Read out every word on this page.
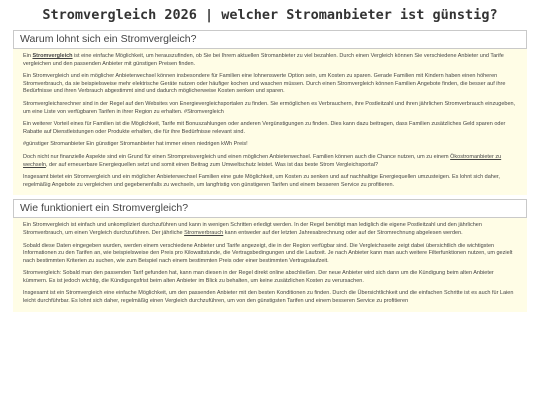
Stromvergleich 2026 | welcher Stromanbieter ist günstig?
Warum lohnt sich ein Stromvergleich?

Ein Stromvergleich ist eine einfache Möglichkeit, um herauszufinden, ob Sie bei Ihrem aktuellen Stromanbieter zu viel bezahlen. Durch einen Vergleich können Sie verschiedene Anbieter und Tarife vergleichen und den passenden Anbieter mit günstigen Preisen finden.

Ein Stromvergleich und ein möglicher Anbieterwechsel können insbesondere für Familien eine lohnenswerte Option sein, um Kosten zu sparen. Gerade Familien mit Kindern haben einen höheren Stromverbrauch, da sie beispielsweise mehr elektrische Geräte nutzen oder häufiger kochen und waschen müssen. Durch einen Stromvergleich können Familien Angebote finden, die besser auf ihre Bedürfnisse und ihren Verbrauch abgestimmt sind und dadurch möglicherweise Kosten senken und sparen.

Stromvergleichsrechner sind in der Regel auf den Websites von Energievergleichsportalen zu finden. Sie ermöglichen es Verbrauchern, ihre Postleitzahl und ihren jährlichen Stromverbrauch einzugeben, um eine Liste von verfügbaren Tarifen in ihrer Region zu erhalten. #Stromvergleich

Ein weiterer Vorteil eines für Familien ist die Möglichkeit, Tarife mit Bonuszahlungen oder anderen Vergünstigungen zu finden. Dies kann dazu beitragen, dass Familien zusätzliches Geld sparen oder Rabatte auf Dienstleistungen oder Produkte erhalten, die für ihre Bedürfnisse relevant sind.

#günstiger Stromanbieter Ein günstiger Stromanbieter hat immer einen niedrigen kWh Preis!

Doch nicht nur finanzielle Aspekte sind ein Grund für einen Strompreisvergleich und einen möglichen Anbieterwechsel. Familien können auch die Chance nutzen, um zu einem Ökostromanbieter zu wechseln, der auf erneuerbare Energiequellen setzt und somit einen Beitrag zum Umweltschutz leistet. Was ist das beste Strom Vergleichsportal?

Insgesamt bietet ein Stromvergleich und ein möglicher Anbieterwechsel Familien eine gute Möglichkeit, um Kosten zu senken und auf nachhaltige Energiequellen umzusteigen. Es lohnt sich daher, regelmäßig Angebote zu vergleichen und gegebenenfalls zu wechseln, um langfristig von günstigeren Tarifen und einem besseren Service zu profitieren.

Wie funktioniert ein Stromvergleich?

Ein Stromvergleich ist einfach und unkompliziert durchzuführen und kann in wenigen Schritten erledigt werden. In der Regel benötigt man lediglich die eigene Postleitzahl und den jährlichen Stromverbrauch, um einen Vergleich durchzuführen. Der jährliche Stromverbrauch kann entweder auf der letzten Jahresabrechnung oder auf der Stromrechnung abgelesen werden.

Sobald diese Daten eingegeben wurden, werden einem verschiedene Anbieter und Tarife angezeigt, die in der Region verfügbar sind. Die Vergleichsseite zeigt dabei übersichtlich die wichtigsten Informationen zu den Tarifen an, wie beispielsweise den Preis pro Kilowattstunde, die Vertragsbedingungen und die Laufzeit. Je nach Anbieter kann man auch weitere Filterfunktionen nutzen, um gezielt nach bestimmten Kriterien zu suchen, wie zum Beispiel nach einem bestimmten Preis oder einer bestimmten Vertragslaufzeit.

Stromvergleich: Sobald man den passenden Tarif gefunden hat, kann man diesen in der Regel direkt online abschließen. Der neue Anbieter wird sich dann um die Kündigung beim alten Anbieter kümmern. Es ist jedoch wichtig, die Kündigungsfrist beim alten Anbieter im Blick zu behalten, um keine zusätzlichen Kosten zu verursachen.

Insgesamt ist ein Stromvergleich eine einfache Möglichkeit, um den passenden Anbieter mit den besten Konditionen zu finden. Durch die Übersichtlichkeit und die einfachen Schritte ist es auch für Laien leicht durchführbar. Es lohnt sich daher, regelmäßig einen Vergleich durchzuführen, um von den günstigsten Tarifen und einem besseren Service zu profitieren
